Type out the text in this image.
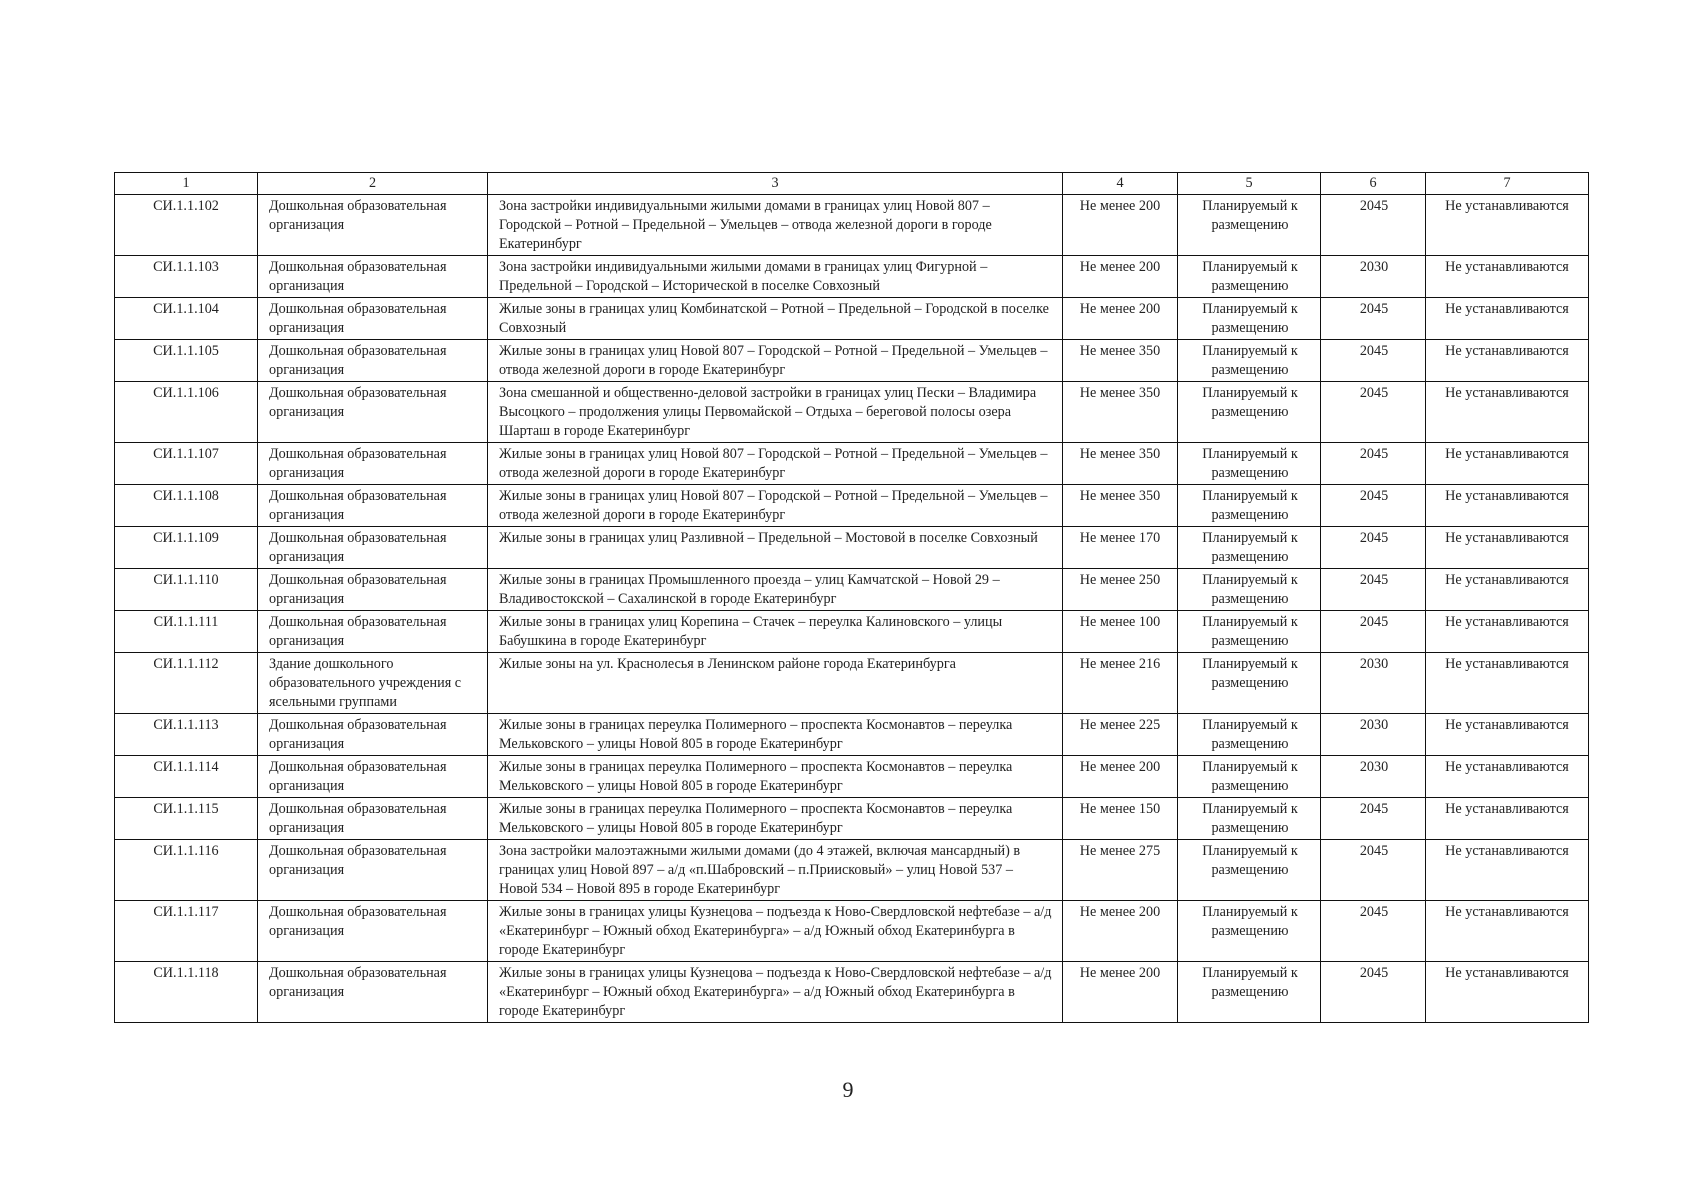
1	2	3	4	5	6	7
СИ.1.1.102	Дошкольная образовательная организация	Зона застройки индивидуальными жилыми домами в границах улиц Новой 807 – Городской – Ротной – Предельной – Умельцев – отвода железной дороги в городе Екатеринбург	Не менее 200	Планируемый к размещению	2045	Не устанавливаются
СИ.1.1.103	Дошкольная образовательная организация	Зона застройки индивидуальными жилыми домами в границах улиц Фигурной – Предельной – Городской – Исторической в поселке Совхозный	Не менее 200	Планируемый к размещению	2030	Не устанавливаются
СИ.1.1.104	Дошкольная образовательная организация	Жилые зоны в границах улиц Комбинатской – Ротной – Предельной – Городской в поселке Совхозный	Не менее 200	Планируемый к размещению	2045	Не устанавливаются
СИ.1.1.105	Дошкольная образовательная организация	Жилые зоны в границах улиц Новой 807 – Городской – Ротной – Предельной – Умельцев – отвода железной дороги в городе Екатеринбург	Не менее 350	Планируемый к размещению	2045	Не устанавливаются
СИ.1.1.106	Дошкольная образовательная организация	Зона смешанной и общественно-деловой застройки в границах улиц Пески – Владимира Высоцкого – продолжения улицы Первомайской – Отдыха – береговой полосы озера Шарташ в городе Екатеринбург	Не менее 350	Планируемый к размещению	2045	Не устанавливаются
СИ.1.1.107	Дошкольная образовательная организация	Жилые зоны в границах улиц Новой 807 – Городской – Ротной – Предельной – Умельцев – отвода железной дороги в городе Екатеринбург	Не менее 350	Планируемый к размещению	2045	Не устанавливаются
СИ.1.1.108	Дошкольная образовательная организация	Жилые зоны в границах улиц Новой 807 – Городской – Ротной – Предельной – Умельцев – отвода железной дороги в городе Екатеринбург	Не менее 350	Планируемый к размещению	2045	Не устанавливаются
СИ.1.1.109	Дошкольная образовательная организация	Жилые зоны в границах улиц Разливной – Предельной – Мостовой в поселке Совхозный	Не менее 170	Планируемый к размещению	2045	Не устанавливаются
СИ.1.1.110	Дошкольная образовательная организация	Жилые зоны в границах Промышленного проезда – улиц Камчатской – Новой 29 – Владивостокской – Сахалинской в городе Екатеринбург	Не менее 250	Планируемый к размещению	2045	Не устанавливаются
СИ.1.1.111	Дошкольная образовательная организация	Жилые зоны в границах улиц Корепина – Стачек – переулка Калиновского – улицы Бабушкина в городе Екатеринбург	Не менее 100	Планируемый к размещению	2045	Не устанавливаются
СИ.1.1.112	Здание дошкольного образовательного учреждения с ясельными группами	Жилые зоны на ул. Краснолесья в Ленинском районе города Екатеринбурга	Не менее 216	Планируемый к размещению	2030	Не устанавливаются
СИ.1.1.113	Дошкольная образовательная организация	Жилые зоны в границах переулка Полимерного – проспекта Космонавтов – переулка Мельковского – улицы Новой 805 в городе Екатеринбург	Не менее 225	Планируемый к размещению	2030	Не устанавливаются
СИ.1.1.114	Дошкольная образовательная организация	Жилые зоны в границах переулка Полимерного – проспекта Космонавтов – переулка Мельковского – улицы Новой 805 в городе Екатеринбург	Не менее 200	Планируемый к размещению	2030	Не устанавливаются
СИ.1.1.115	Дошкольная образовательная организация	Жилые зоны в границах переулка Полимерного – проспекта Космонавтов – переулка Мельковского – улицы Новой 805 в городе Екатеринбург	Не менее 150	Планируемый к размещению	2045	Не устанавливаются
СИ.1.1.116	Дошкольная образовательная организация	Зона застройки малоэтажными жилыми домами (до 4 этажей, включая мансардный) в границах улиц Новой 897 – а/д «п.Шабровский – п.Приисковый» – улиц Новой 537 – Новой 534 – Новой 895 в городе Екатеринбург	Не менее 275	Планируемый к размещению	2045	Не устанавливаются
СИ.1.1.117	Дошкольная образовательная организация	Жилые зоны в границах улицы Кузнецова – подъезда к Ново-Свердловской нефтебазе – а/д «Екатеринбург – Южный обход Екатеринбурга» – а/д Южный обход Екатеринбурга в городе Екатеринбург	Не менее 200	Планируемый к размещению	2045	Не устанавливаются
СИ.1.1.118	Дошкольная образовательная организация	Жилые зоны в границах улицы Кузнецова – подъезда к Ново-Свердловской нефтебазе – а/д «Екатеринбург – Южный обход Екатеринбурга» – а/д Южный обход Екатеринбурга в городе Екатеринбург	Не менее 200	Планируемый к размещению	2045	Не устанавливаются
9
